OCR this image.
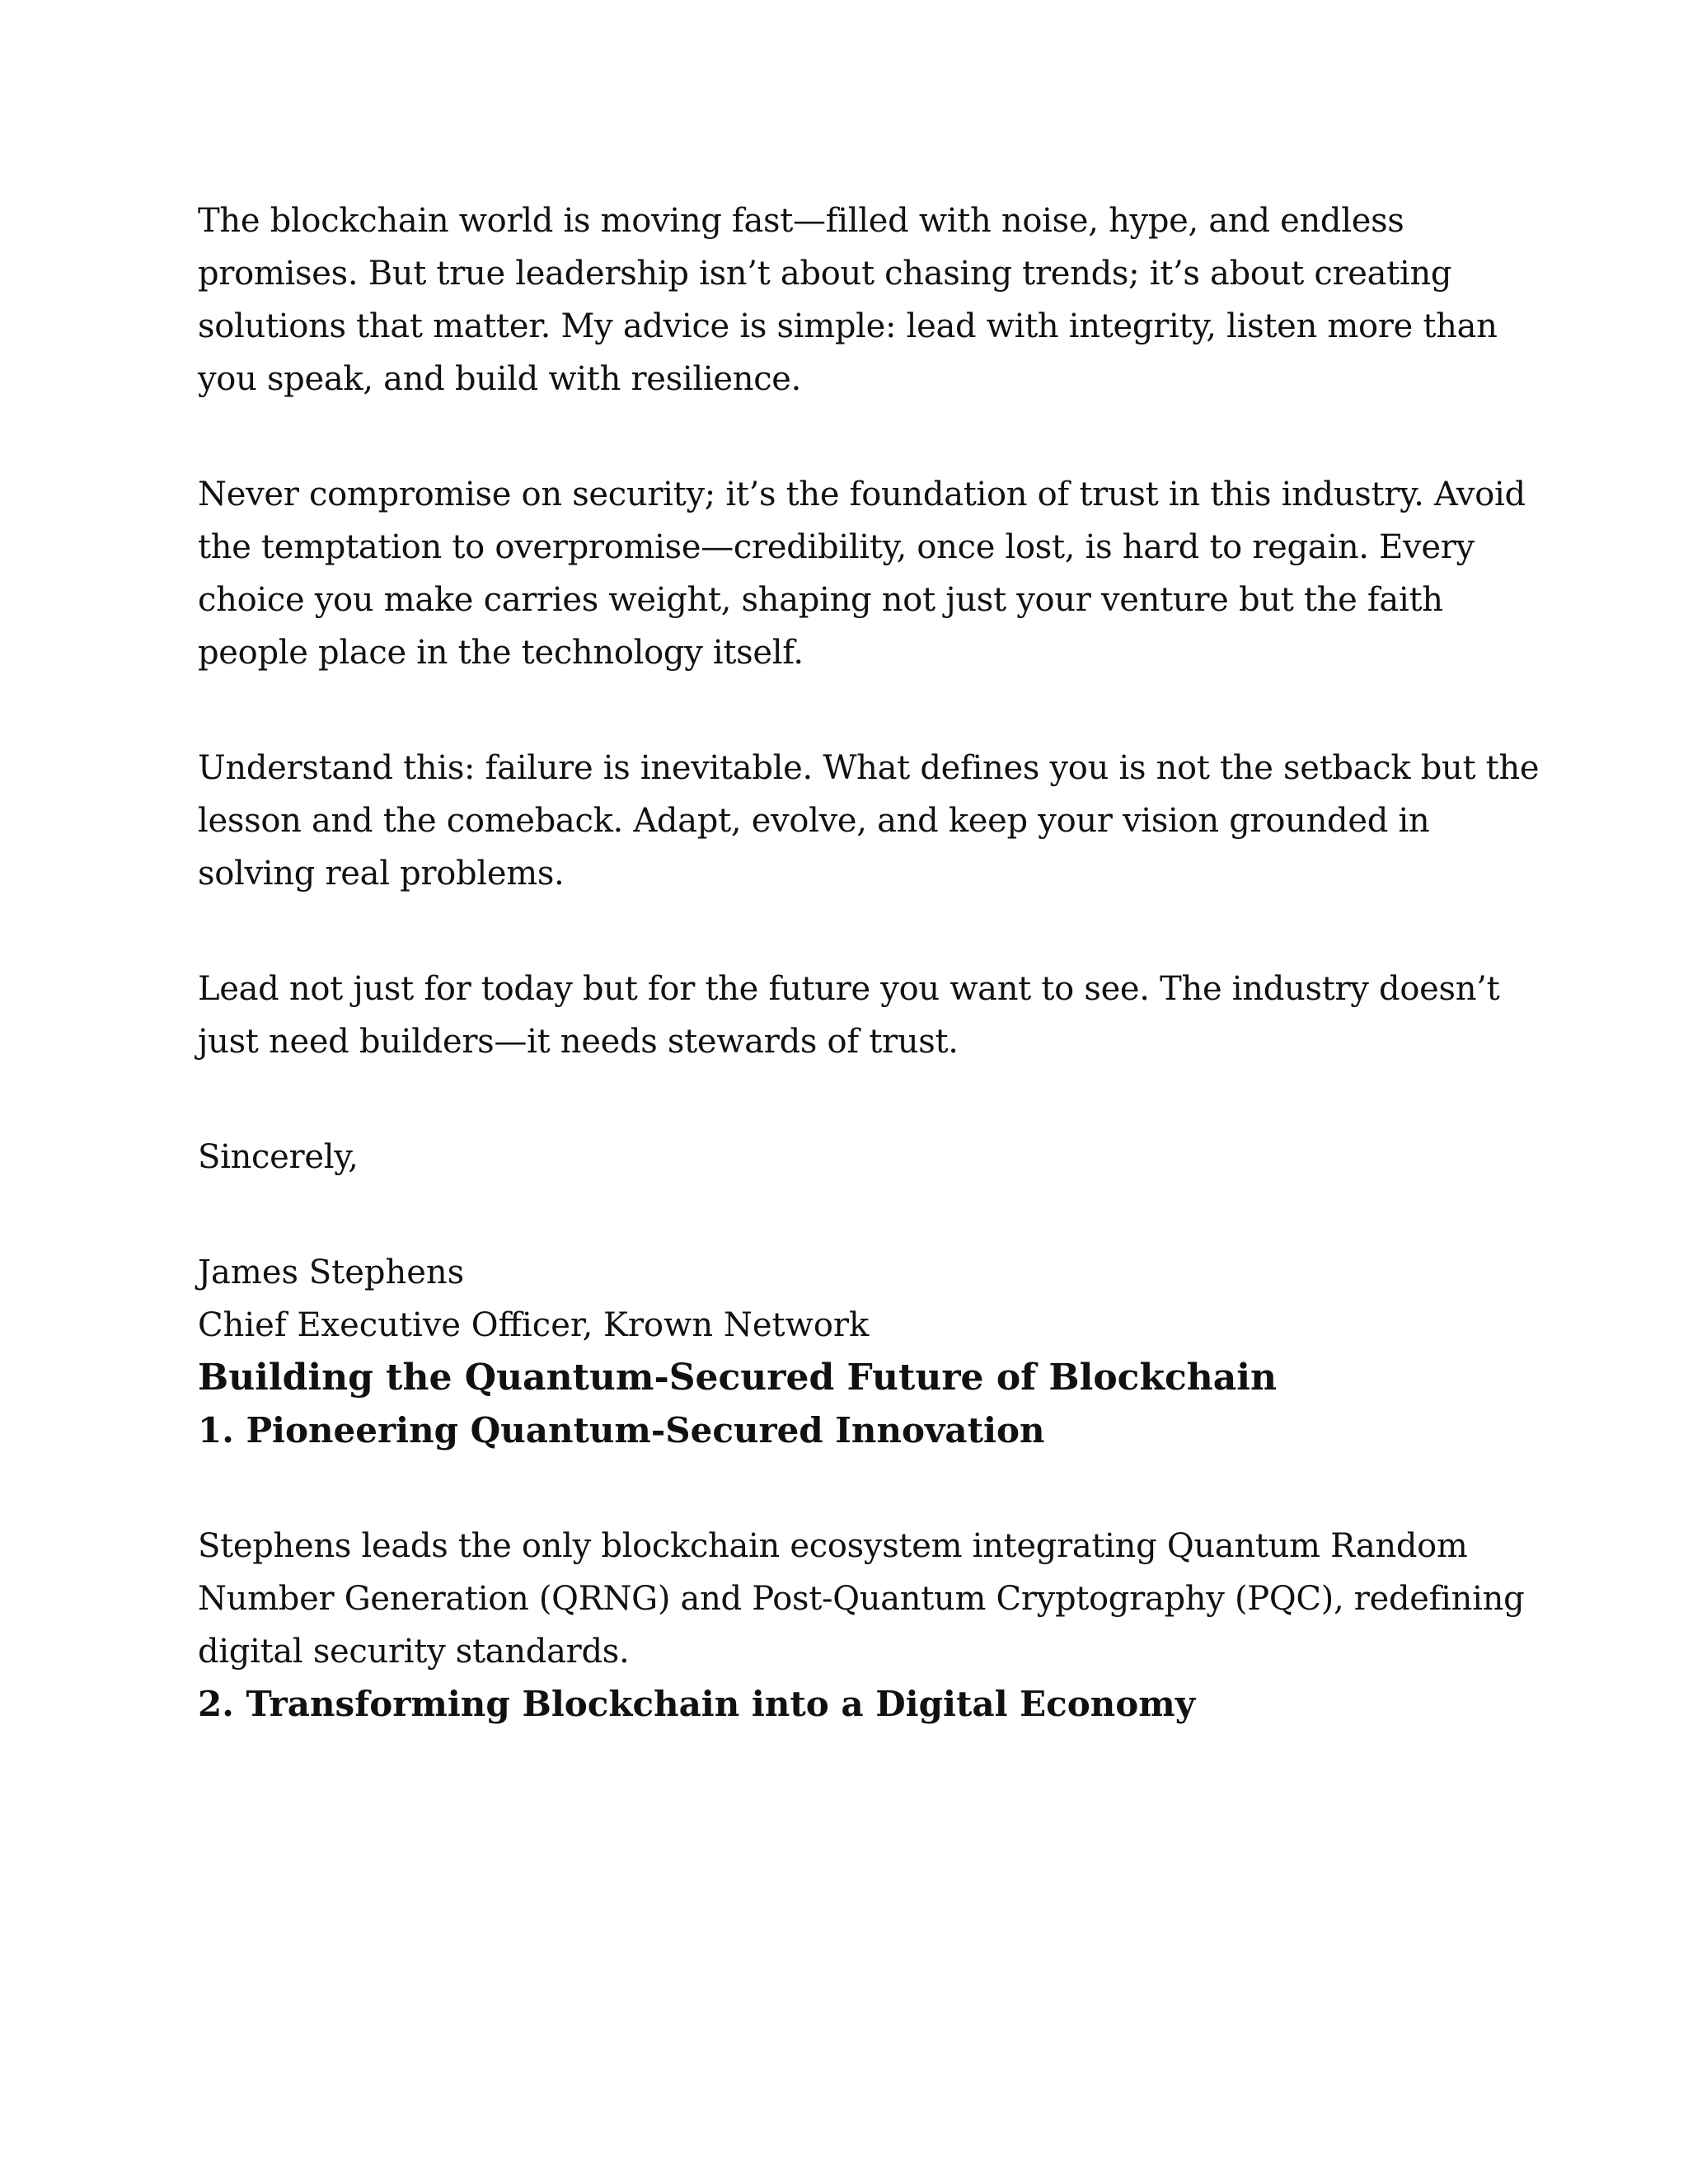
The blockchain world is moving fast—filled with noise, hype, and endless promises. But true leadership isn’t about chasing trends; it’s about creating solutions that matter. My advice is simple: lead with integrity, listen more than you speak, and build with resilience.

Never compromise on security; it’s the foundation of trust in this industry. Avoid the temptation to overpromise—credibility, once lost, is hard to regain. Every choice you make carries weight, shaping not just your venture but the faith people place in the technology itself.

Understand this: failure is inevitable. What defines you is not the setback but the lesson and the comeback. Adapt, evolve, and keep your vision grounded in solving real problems.

Lead not just for today but for the future you want to see. The industry doesn’t just need builders—it needs stewards of trust.

Sincerely,

James Stephens

Chief Executive Officer, Krown Network

Building the Quantum-Secured Future of Blockchain
1. Pioneering Quantum-Secured Innovation

Stephens leads the only blockchain ecosystem integrating Quantum Random Number Generation (QRNG) and Post-Quantum Cryptography (PQC), redefining digital security standards.

2. Transforming Blockchain into a Digital Economy
